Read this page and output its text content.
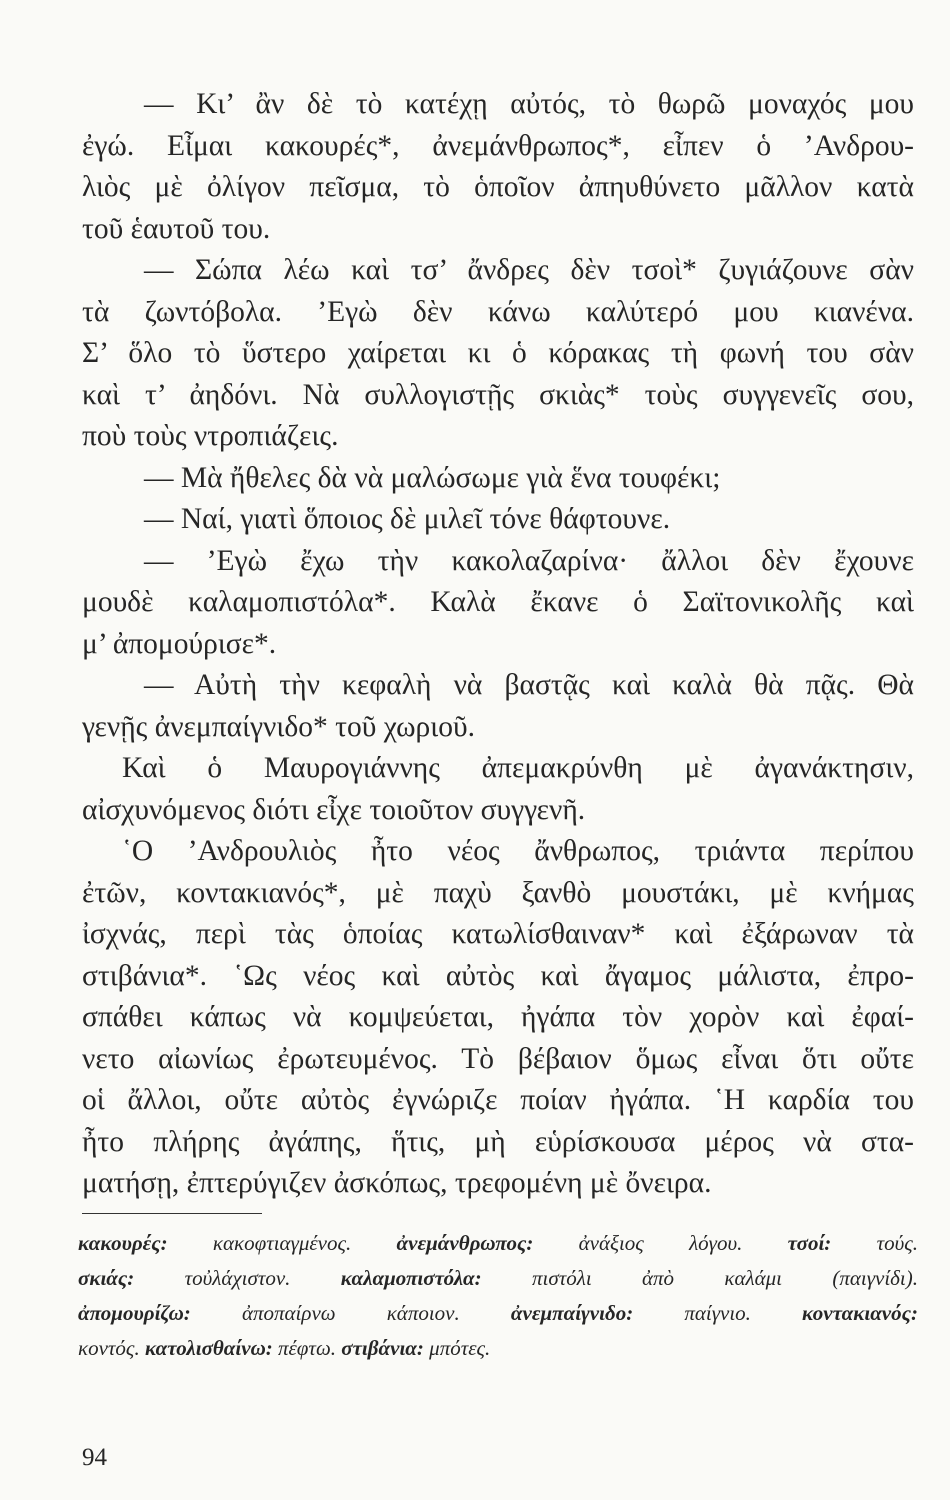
— Κι’ ἂν δὲ τὸ κατέχῃ αὐτός, τὸ θωρῶ μοναχός μου
ἐγώ. Εἶμαι κακουρές*, ἀνεμάνθρωπος*, εἶπεν ὁ ’Ανδρου-
λιὸς μὲ ὀλίγον πεῖσμα, τὸ ὁποῖον ἀπηυθύνετο μᾶλλον κατὰ
τοῦ ἑαυτοῦ του.
— Σώπα λέω καὶ τσ’ ἄνδρες δὲν τσοὶ* ζυγιάζουνε σὰν
τὰ ζωντόβολα. ’Εγὼ δὲν κάνω καλύτερό μου κιανένα.
Σ’ ὅλο τὸ ὕστερο χαίρεται κι ὁ κόρακας τὴ φωνή του σὰν
καὶ τ’ ἀηδόνι. Νὰ συλλογιστῇς σκιὰς* τοὺς συγγενεῖς σου,
ποὺ τοὺς ντροπιάζεις.
— Μὰ ἤθελες δὰ νὰ μαλώσωμε γιὰ ἕνα τουφέκι;
— Ναί, γιατὶ ὅποιος δὲ μιλεῖ τόνε θάφτουνε.
— ’Εγὼ ἔχω τὴν κακολαζαρίνα· ἄλλοι δὲν ἔχουνε
μουδὲ καλαμοπιστόλα*. Καλὰ ἔκανε ὁ Σαϊτονικολῆς καὶ
μ’ ἀπομούρισε*.
— Αὐτὴ τὴν κεφαλὴ νὰ βαστᾷς καὶ καλὰ θὰ πᾷς. Θὰ
γενῇς ἀνεμπαίγνιδο* τοῦ χωριοῦ.
Καὶ ὁ Μαυρογιάννης ἀπεμακρύνθη μὲ ἀγανάκτησιν,
αἰσχυνόμενος διότι εἶχε τοιοῦτον συγγενῆ.
῾Ο ’Ανδρουλιὸς ἦτο νέος ἄνθρωπος, τριάντα περίπου
ἐτῶν, κοντακιανός*, μὲ παχὺ ξανθὸ μουστάκι, μὲ κνήμας
ἰσχνάς, περὶ τὰς ὁποίας κατωλίσθαιναν* καὶ ἐξάρωναν τὰ
στιβάνια*. ῾Ως νέος καὶ αὐτὸς καὶ ἄγαμος μάλιστα, ἐπρο-
σπάθει κάπως νὰ κομψεύεται, ἠγάπα τὸν χορὸν καὶ ἐφαί-
νετο αἰωνίως ἐρωτευμένος. Τὸ βέβαιον ὅμως εἶναι ὅτι οὔτε
οἱ ἄλλοι, οὔτε αὐτὸς ἐγνώριζε ποίαν ἠγάπα. ῾Η καρδία του
ἦτο πλήρης ἀγάπης, ἥτις, μὴ εὑρίσκουσα μέρος νὰ στα-
ματήσῃ, ἐπτερύγιζεν ἀσκόπως, τρεφομένη μὲ ὄνειρα.
κακουρές: κακοφτιαγμένος. ἀνεμάνθρωπος: ἀνάξιος λόγου. τσοί: τούς.
σκιάς: τοὐλάχιστον. καλαμοπιστόλα: πιστόλι ἀπὸ καλάμι (παιγνίδι).
ἀπομουρίζω: ἀποπαίρνω κάποιον. ἀνεμπαίγνιδο: παίγνιο. κοντακιανός:
κοντός. κατολισθαίνω: πέφτω. στιβάνια: μπότες.
94
